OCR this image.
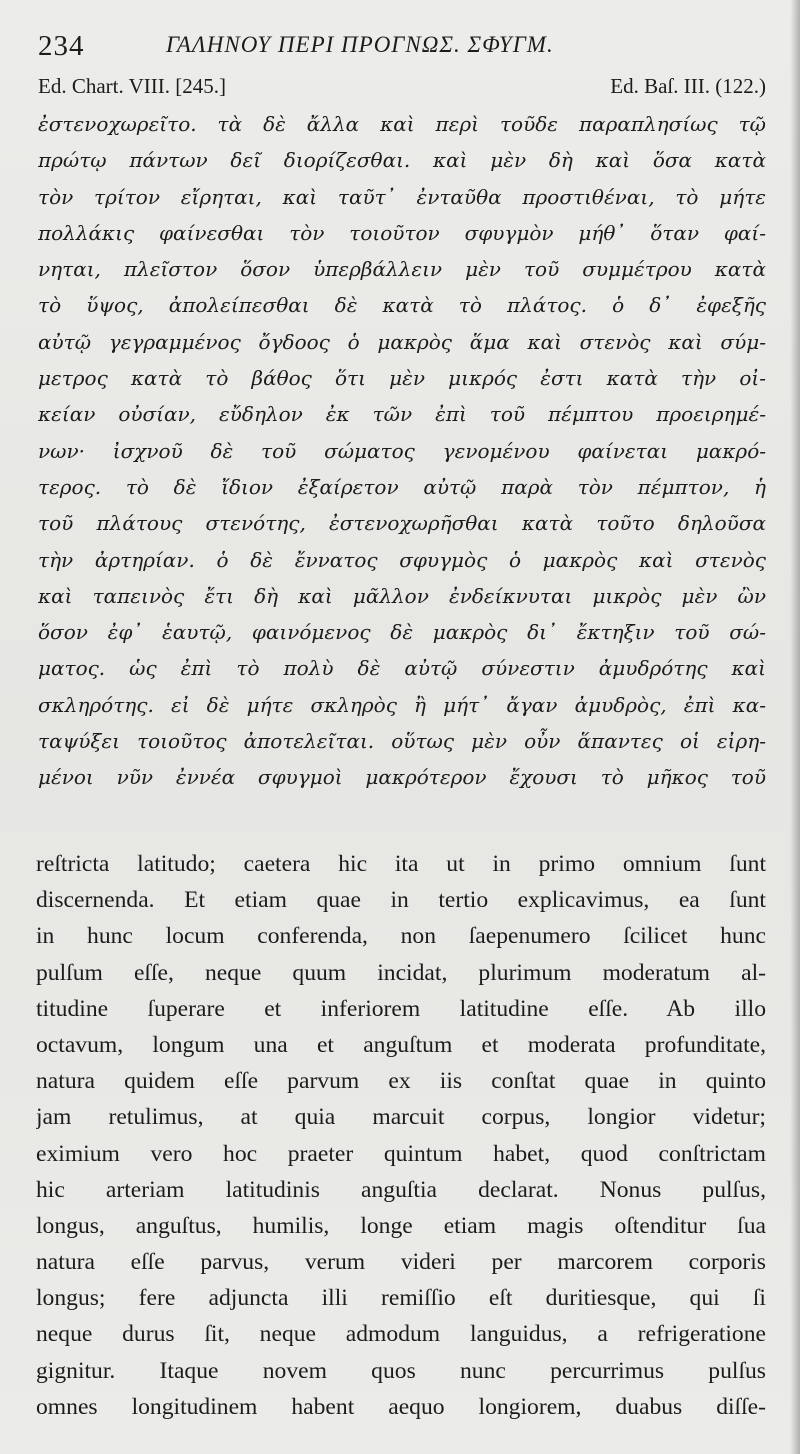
234	ΓΑΛΗΝΟΥ ΠΕΡΙ ΠΡΟΓΝΩΣ. ΣΦΥΓΜ.
Ed. Chart. VIII. [245.]	Ed. Baſ. III. (122.)
ἐστενοχωρεῖτο. τὰ δὲ ἄλλα καὶ περὶ τοῦδε παραπλησίως τῷ
πρώτῳ πάντων δεῖ διορίζεσθαι. καὶ μὲν δὴ καὶ ὅσα κατὰ
τὸν τρίτον εἴρηται, καὶ ταῦτ᾽ ἐνταῦθα προστιθέναι, τὸ μήτε
πολλάκις φαίνεσθαι τὸν τοιοῦτον σφυγμὸν μήθ᾽ ὅταν φαί-
νηται, πλεῖστον ὅσον ὑπερβάλλειν μὲν τοῦ συμμέτρου κατὰ
τὸ ὕψος, ἀπολείπεσθαι δὲ κατὰ τὸ πλάτος. ὁ δ᾽ ἐφεξῆς
αὐτῷ γεγραμμένος ὄγδοος ὁ μακρὸς ἅμα καὶ στενὸς καὶ σύμ-
μετρος κατὰ τὸ βάθος ὅτι μὲν μικρός ἐστι κατὰ τὴν οἰ-
κείαν οὐσίαν, εὔδηλον ἐκ τῶν ἐπὶ τοῦ πέμπτου προειρημέ-
νων· ἰσχνοῦ δὲ τοῦ σώματος γενομένου φαίνεται μακρό-
τερος. τὸ δὲ ἴδιον ἐξαίρετον αὐτῷ παρὰ τὸν πέμπτον, ἡ
τοῦ πλάτους στενότης, ἐστενοχωρῆσθαι κατὰ τοῦτο δηλοῦσα
τὴν ἀρτηρίαν. ὁ δὲ ἔννατος σφυγμὸς ὁ μακρὸς καὶ στενὸς
καὶ ταπεινὸς ἔτι δὴ καὶ μᾶλλον ἐνδείκνυται μικρὸς μὲν ὢν
ὅσον ἐφ᾽ ἑαυτῷ, φαινόμενος δὲ μακρὸς δι᾽ ἔκτηξιν τοῦ σώ-
ματος. ὡς ἐπὶ τὸ πολὺ δὲ αὐτῷ σύνεστιν ἀμυδρότης καὶ
σκληρότης. εἰ δὲ μήτε σκληρὸς ἢ μήτ᾽ ἄγαν ἀμυδρὸς, ἐπὶ κα-
ταψύξει τοιοῦτος ἀποτελεῖται. οὕτως μὲν οὖν ἅπαντες οἱ εἰρη-
μένοι νῦν ἐννέα σφυγμοὶ μακρότερον ἔχουσι τὸ μῆκος τοῦ
reſtricta latitudo; caetera hic ita ut in primo omnium ſunt
discernenda. Et etiam quae in tertio explicavimus, ea ſunt
in hunc locum conferenda, non ſaepenumero ſcilicet hunc
pulſum eſſe, neque quum incidat, plurimum moderatum al-
titudine ſuperare et inferiorem latitudine eſſe. Ab illo
octavum, longum una et anguſtum et moderata profunditate,
natura quidem eſſe parvum ex iis conſtat quae in quinto
jam retulimus, at quia marcuit corpus, longior videtur;
eximium vero hoc praeter quintum habet, quod conſtrictam
hic arteriam latitudinis anguſtia declarat. Nonus pulſus,
longus, anguſtus, humilis, longe etiam magis oſtenditur ſua
natura eſſe parvus, verum videri per marcorem corporis
longus; fere adjuncta illi remiſſio eſt duritiesque, qui ſi
neque durus ſit, neque admodum languidus, a refrigeratione
gignitur. Itaque novem quos nunc percurrimus pulſus
omnes longitudinem habent aequo longiorem, duabus diſſe-
